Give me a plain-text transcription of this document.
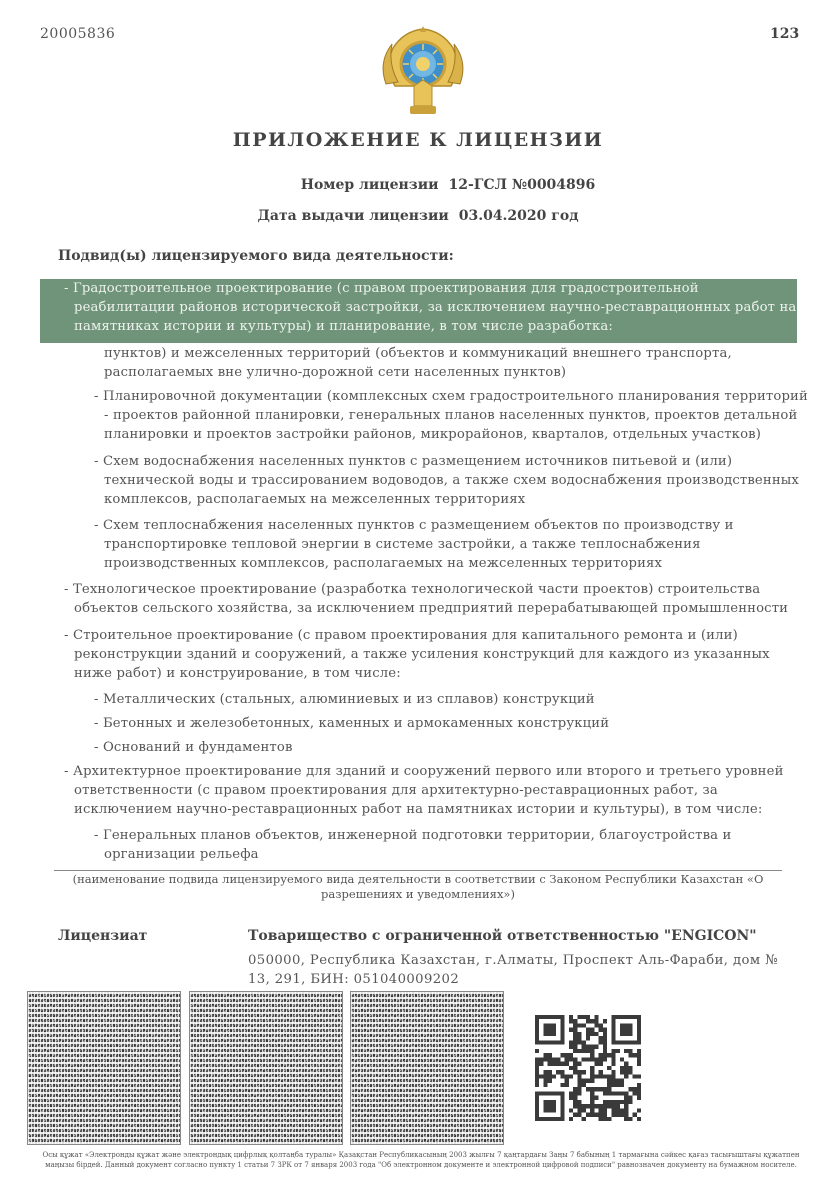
20005836	123
ПРИЛОЖЕНИЕ К ЛИЦЕНЗИИ
Номер лицензии 12-ГСЛ №0004896
Дата выдачи лицензии 03.04.2020 год
Подвид(ы) лицензируемого вида деятельности:
- Градостроительное проектирование (с правом проектирования для градостроительной реабилитации районов исторической застройки, за исключением научно-реставрационных работ на памятниках истории и культуры) и планирование, в том числе разработка:
пунктов) и межселенных территорий (объектов и коммуникаций внешнего транспорта, располагаемых вне улично-дорожной сети населенных пунктов)
- Планировочной документации (комплексных схем градостроительного планирования территорий - проектов районной планировки, генеральных планов населенных пунктов, проектов детальной планировки и проектов застройки районов, микрорайонов, кварталов, отдельных участков)
- Схем водоснабжения населенных пунктов с размещением источников питьевой и (или) технической воды и трассированием водоводов, а также схем водоснабжения производственных комплексов, располагаемых на межселенных территориях
- Схем теплоснабжения населенных пунктов с размещением объектов по производству и транспортировке тепловой энергии в системе застройки, а также теплоснабжения производственных комплексов, располагаемых на межселенных территориях
- Технологическое проектирование (разработка технологической части проектов) строительства объектов сельского хозяйства, за исключением предприятий перерабатывающей промышленности
- Строительное проектирование (с правом проектирования для капитального ремонта и (или) реконструкции зданий и сооружений, а также усиления конструкций для каждого из указанных ниже работ) и конструирование, в том числе:
- Металлических (стальных, алюминиевых и из сплавов) конструкций
- Бетонных и железобетонных, каменных и армокаменных конструкций
- Оснований и фундаментов
- Архитектурное проектирование для зданий и сооружений первого или второго и третьего уровней ответственности (с правом проектирования для архитектурно-реставрационных работ, за исключением научно-реставрационных работ на памятниках истории и культуры), в том числе:
- Генеральных планов объектов, инженерной подготовки территории, благоустройства и организации рельефа
(наименование подвида лицензируемого вида деятельности в соответствии с Законом Республики Казахстан «О разрешениях и уведомлениях»)
Лицензиат	Товарищество с ограниченной ответственностью "ENGICON"
050000, Республика Казахстан, г.Алматы, Проспект Аль-Фараби, дом № 13, 291, БИН: 051040009202
Осы құжат «Электронды құжат және электрондық цифрлық қолтаңба туралы» Қазақстан Республикасының 2003 жылғы 7 қаңтардағы Заңы 7 бабының 1 тармағына сәйкес қағаз тасығыштағы құжатпен маңызы бірдей. Данный документ согласно пункту 1 статьи 7 ЗРК от 7 января 2003 года "Об электронном документе и электронной цифровой подписи" равнозначен документу на бумажном носителе.
